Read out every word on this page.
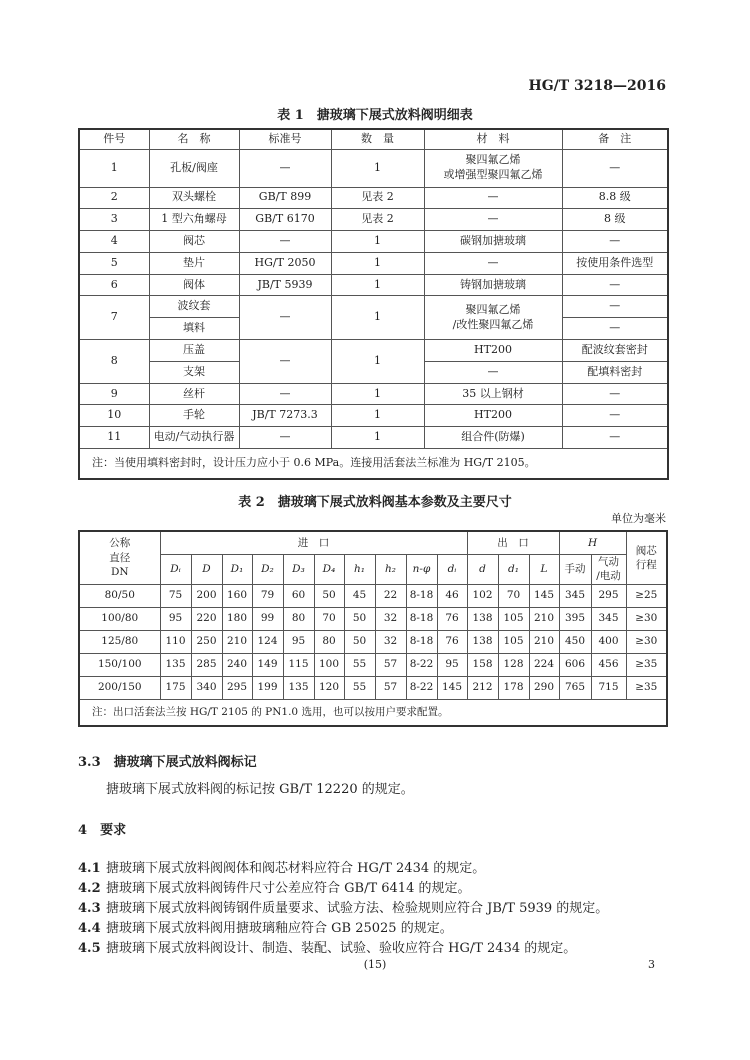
HG/T 3218—2016
表 1　搪玻璃下展式放料阀明细表
件号	名　称	标准号	数　量	材　料	备　注
1	孔板/阀座	—	1	聚四氟乙烯
或增强型聚四氟乙烯	—
2	双头螺栓	GB/T 899	见表 2	—	8.8 级
3	1 型六角螺母	GB/T 6170	见表 2	—	8 级
4	阀芯	—	1	碳钢加搪玻璃	—
5	垫片	HG/T 2050	1	—	按使用条件选型
6	阀体	JB/T 5939	1	铸钢加搪玻璃	—
7	波纹套	—	1	聚四氟乙烯
/改性聚四氟乙烯	—
	填料				—
8	压盖	—	1	HT200	配波纹套密封
	支架			—	配填料密封
9	丝杆	—	1	35 以上钢材	—
10	手轮	JB/T 7273.3	1	HT200	—
11	电动/气动执行器	—	1	组合件(防爆)	—
注：当使用填料密封时，设计压力应小于 0.6 MPa。连接用活套法兰标准为 HG/T 2105。					
表 2　搪玻璃下展式放料阀基本参数及主要尺寸
单位为毫米
公称
直径
DN	进　口										出　口			H		阀芯
行程
	Dᵢ	D	D₁	D₂	D₃	D₄	h₁	h₂	n-φ	dᵢ	d	d₁	L	手动	气动
/电动	
80/50	75	200	160	79	60	50	45	22	8-18	46	102	70	145	345	295	≥25
100/80	95	220	180	99	80	70	50	32	8-18	76	138	105	210	395	345	≥30
125/80	110	250	210	124	95	80	50	32	8-18	76	138	105	210	450	400	≥30
150/100	135	285	240	149	115	100	55	57	8-22	95	158	128	224	606	456	≥35
200/150	175	340	295	199	135	120	55	57	8-22	145	212	178	290	765	715	≥35
注：出口活套法兰按 HG/T 2105 的 PN1.0 选用，也可以按用户要求配置。																
3.3　 搪玻璃下展式放料阀标记
搪玻璃下展式放料阀的标记按 GB/T 12220 的规定。
4　 要求
4.1 搪玻璃下展式放料阀阀体和阀芯材料应符合 HG/T 2434 的规定。
4.2 搪玻璃下展式放料阀铸件尺寸公差应符合 GB/T 6414 的规定。
4.3 搪玻璃下展式放料阀铸钢件质量要求、试验方法、检验规则应符合 JB/T 5939 的规定。
4.4 搪玻璃下展式放料阀用搪玻璃釉应符合 GB 25025 的规定。
4.5 搪玻璃下展式放料阀设计、制造、装配、试验、验收应符合 HG/T 2434 的规定。
(15)	3
